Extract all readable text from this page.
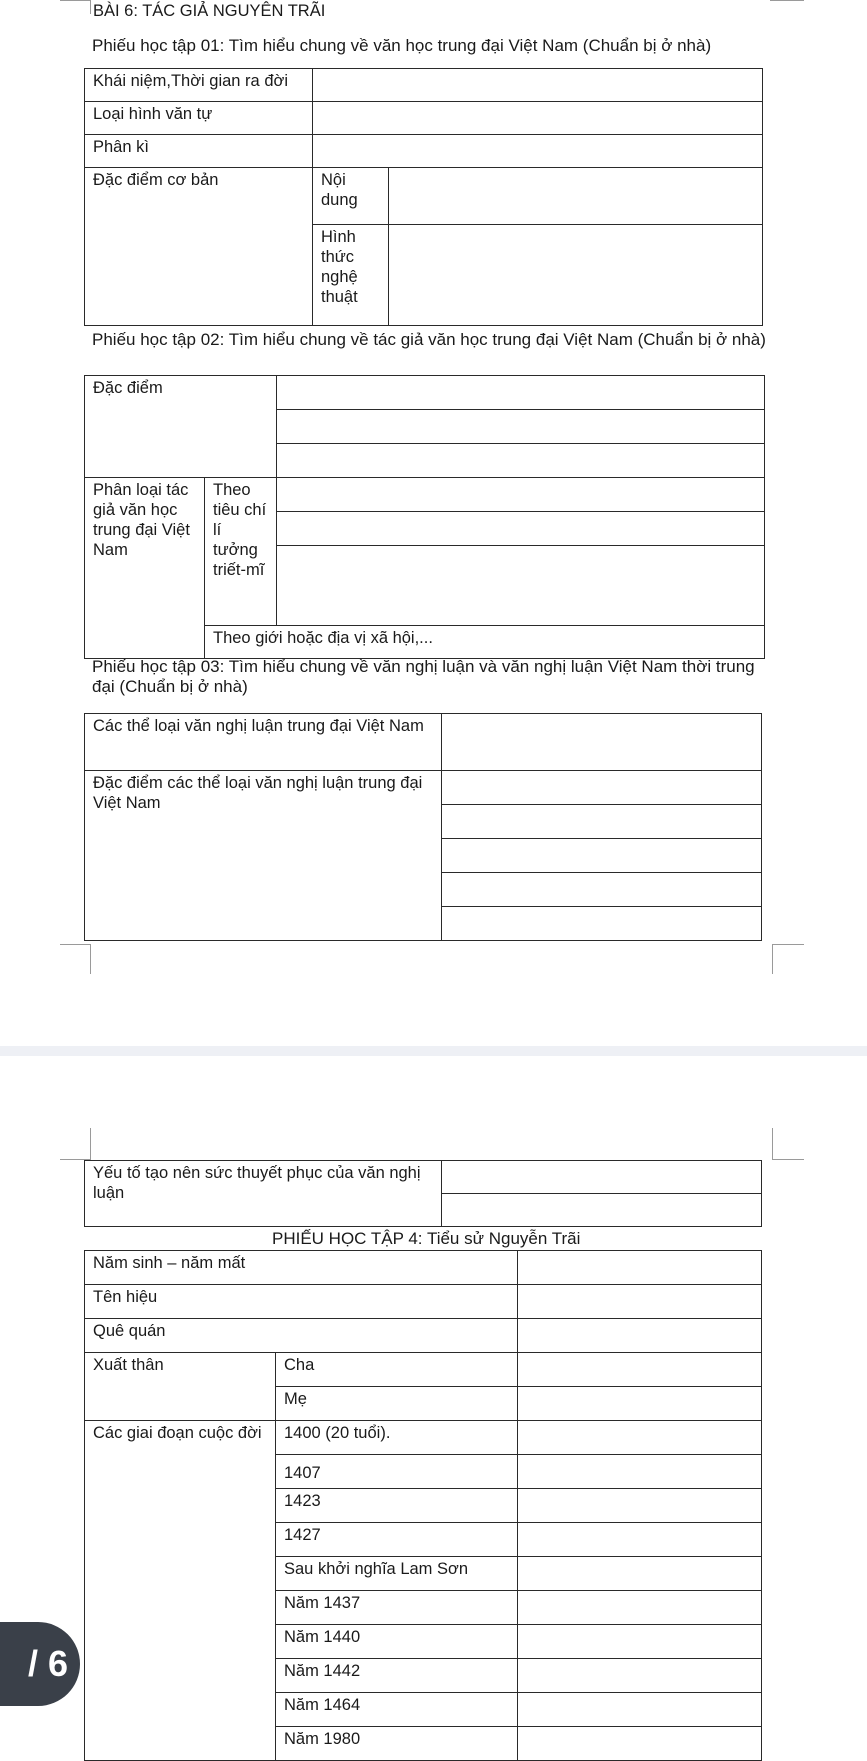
BÀI 6: TÁC GIẢ NGUYÊN TRÃI
Phiếu học tập 01: Tìm hiểu chung về văn học trung đại Việt Nam (Chuẩn bị ở nhà)
Khái niệm,Thời gian ra đời		
Loại hình văn tự		
Phân kì		
Đặc điểm cơ bản	Nội dung	
	Hình thức nghệ thuật	
Phiếu học tập 02: Tìm hiểu chung về tác giả văn học trung đại Việt Nam (Chuẩn bị ở nhà)
Đặc điểm		

Phân loại tác giả văn học trung đại Việt Nam	Theo tiêu chí lí tưởng triết-mĩ	

	Theo giới hoặc địa vị xã hội,...	
Phiếu học tập 03: Tìm hiểu chung về văn nghị luận và văn nghị luận Việt Nam thời trung đại (Chuẩn bị ở nhà)
Các thể loại văn nghị luận trung đại Việt Nam	
Đặc điểm các thể loại văn nghị luận trung đại Việt Nam	

Yếu tố tạo nên sức thuyết phục của văn nghị luận	

PHIẾU HỌC TẬP 4: Tiểu sử Nguyễn Trãi
Năm sinh – năm mất		
Tên hiệu		
Quê quán		
Xuất thân	Cha	
	Mẹ	
Các giai đoạn cuộc đời	1400 (20 tuổi).	
	1407	
	1423	
	1427	
	Sau khởi nghĩa Lam Sơn	
	Năm 1437	
	Năm 1440	
	Năm 1442	
	Năm 1464	
	Năm 1980	
/ 6
